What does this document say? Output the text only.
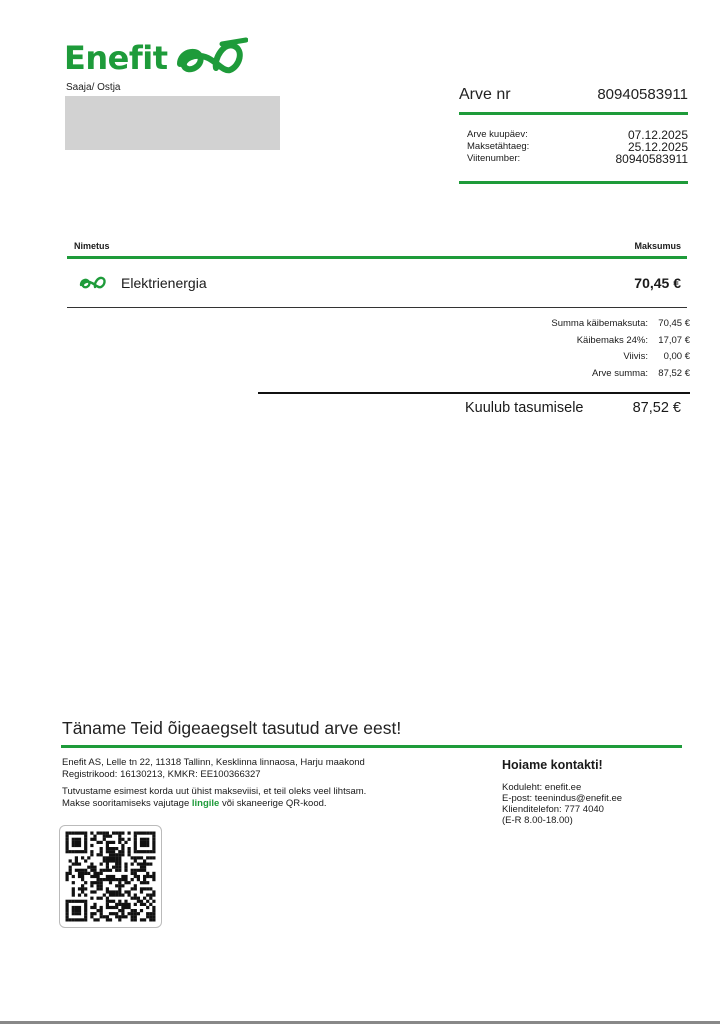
Enefit
Saaja/ Ostja	Arve nr	80940583911
Arve kuupäev:	07.12.2025
Maksetähtaeg:	25.12.2025
Viitenumber:	80940583911
Nimetus	Maksumus
Elektrienergia	70,45 €
Summa käibemaksuta:	70,45 €
Käibemaks 24%:	17,07 €
Viivis:	0,00 €
Arve summa:	87,52 €
Kuulub tasumisele	87,52 €
Täname Teid õigeaegselt tasutud arve eest!
Enefit AS, Lelle tn 22, 11318 Tallinn, Kesklinna linnaosa, Harju maakond
Registrikood: 16130213, KMKR: EE100366327
Tutvustame esimest korda uut ühist makseviisi, et teil oleks veel lihtsam.
Makse sooritamiseks vajutage lingile või skaneerige QR-kood.
Hoiame kontakti!
Koduleht: enefit.ee
E-post: teenindus@enefit.ee
Klienditelefon: 777 4040
(E-R 8.00-18.00)
